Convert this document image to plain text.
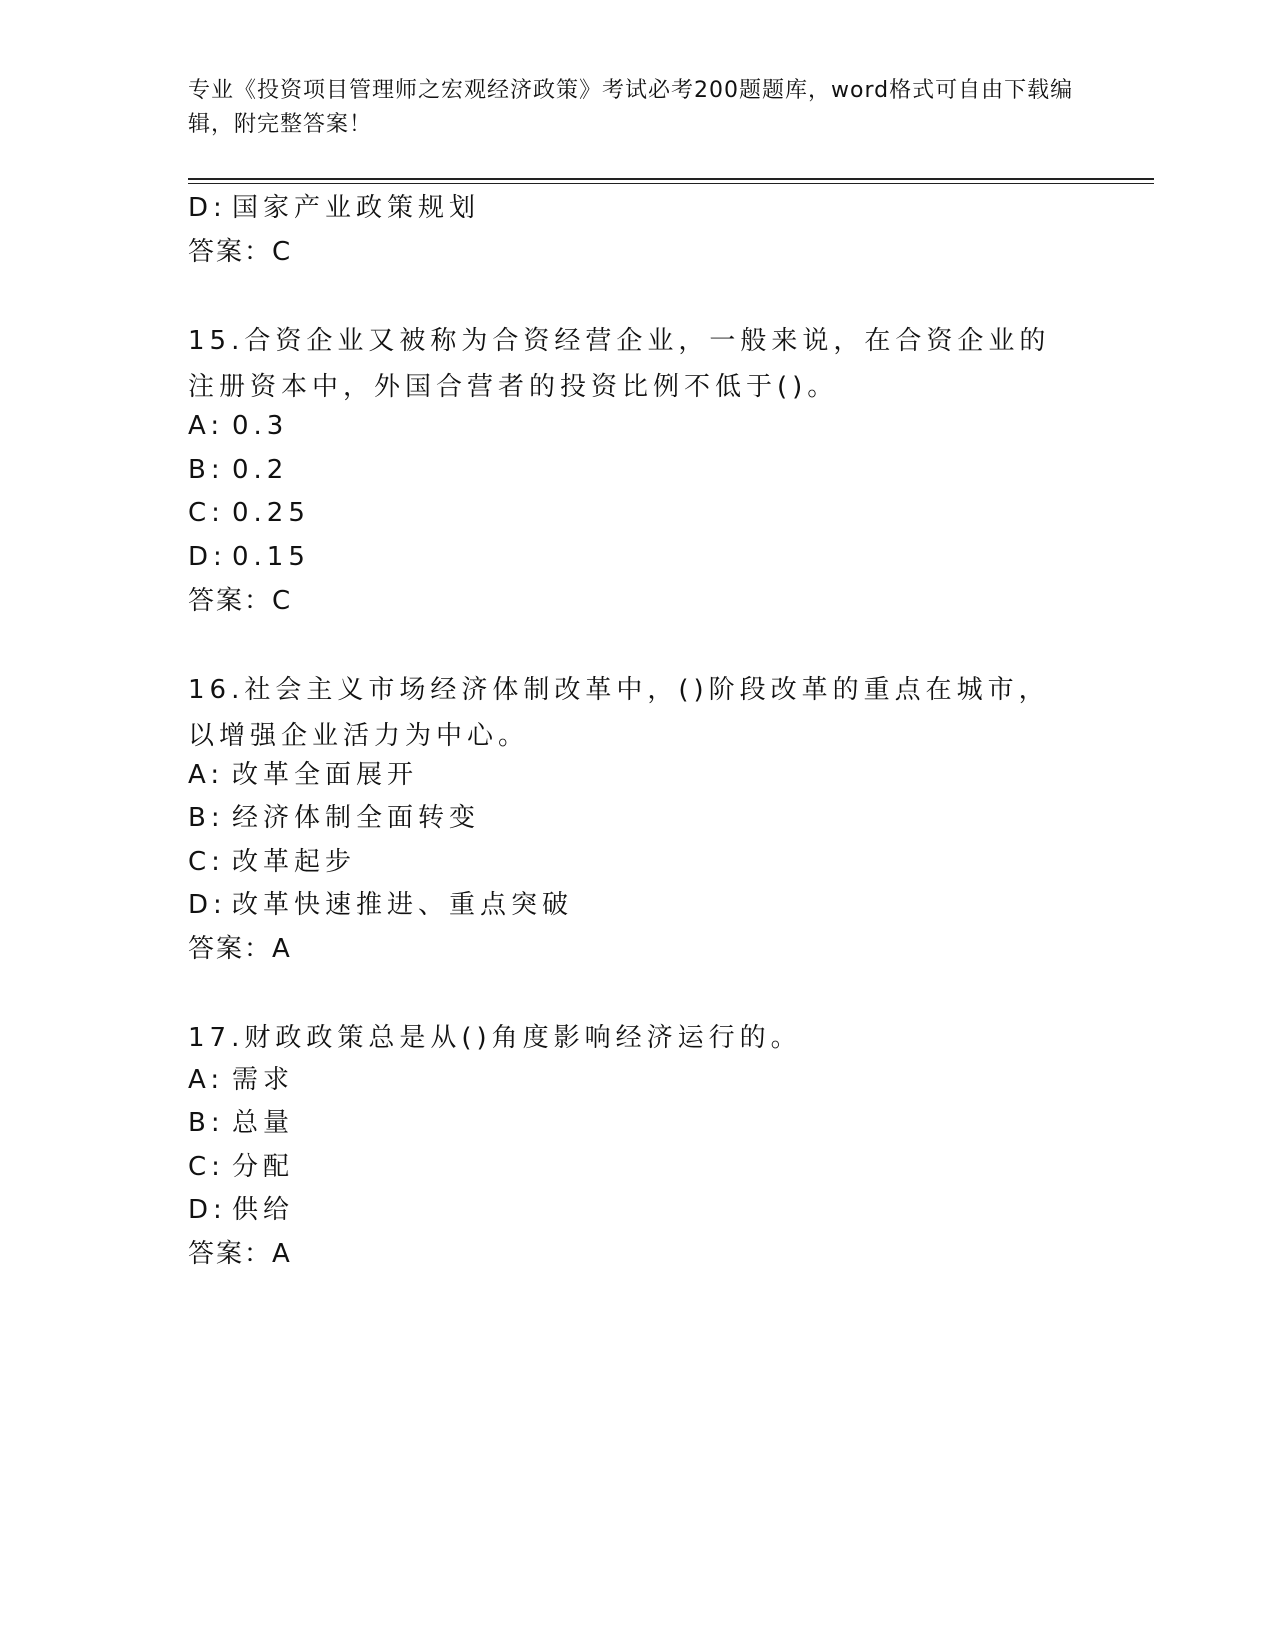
专业《投资项目管理师之宏观经济政策》考试必考200题题库，word格式可自由下载编辑，附完整答案！
D: 国家产业政策规划
答案：C
15.合资企业又被称为合资经营企业，一般来说，在合资企业的注册资本中，外国合营者的投资比例不低于()。
A: 0.3
B: 0.2
C: 0.25
D: 0.15
答案：C
16.社会主义市场经济体制改革中，()阶段改革的重点在城市，以增强企业活力为中心。
A: 改革全面展开
B: 经济体制全面转变
C: 改革起步
D: 改革快速推进、重点突破
答案：A
17.财政政策总是从()角度影响经济运行的。
A: 需求
B: 总量
C: 分配
D: 供给
答案：A
